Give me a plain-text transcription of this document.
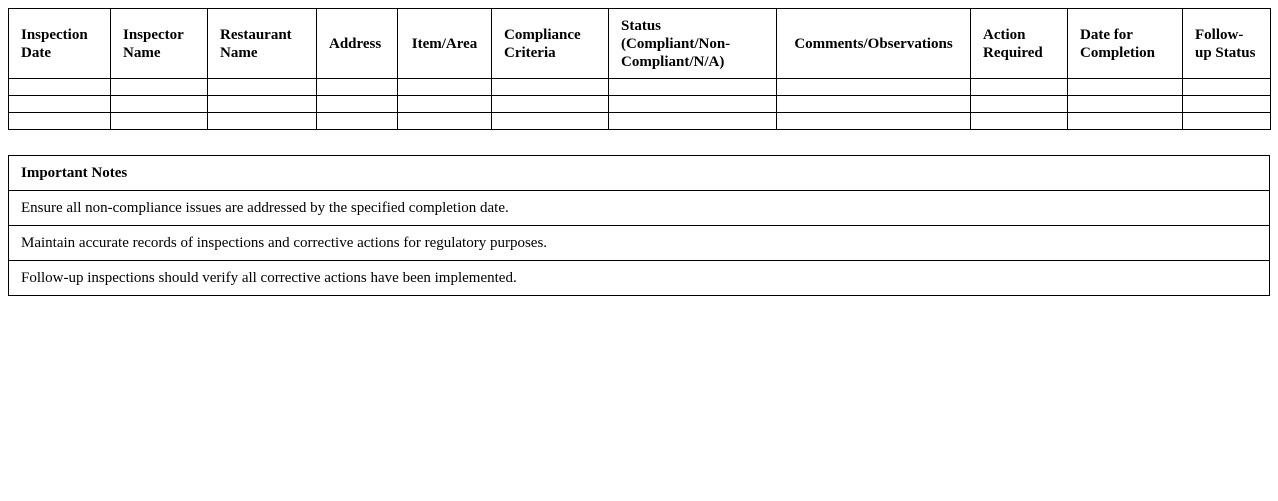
Inspection Date	Inspector Name	Restaurant Name	Address	Item/Area	Compliance Criteria	Status (Compliant/Non-Compliant/N/A)	Comments/Observations	Action Required	Date for Completion	Follow-up Status

Important Notes
Ensure all non-compliance issues are addressed by the specified completion date.
Maintain accurate records of inspections and corrective actions for regulatory purposes.
Follow-up inspections should verify all corrective actions have been implemented.
